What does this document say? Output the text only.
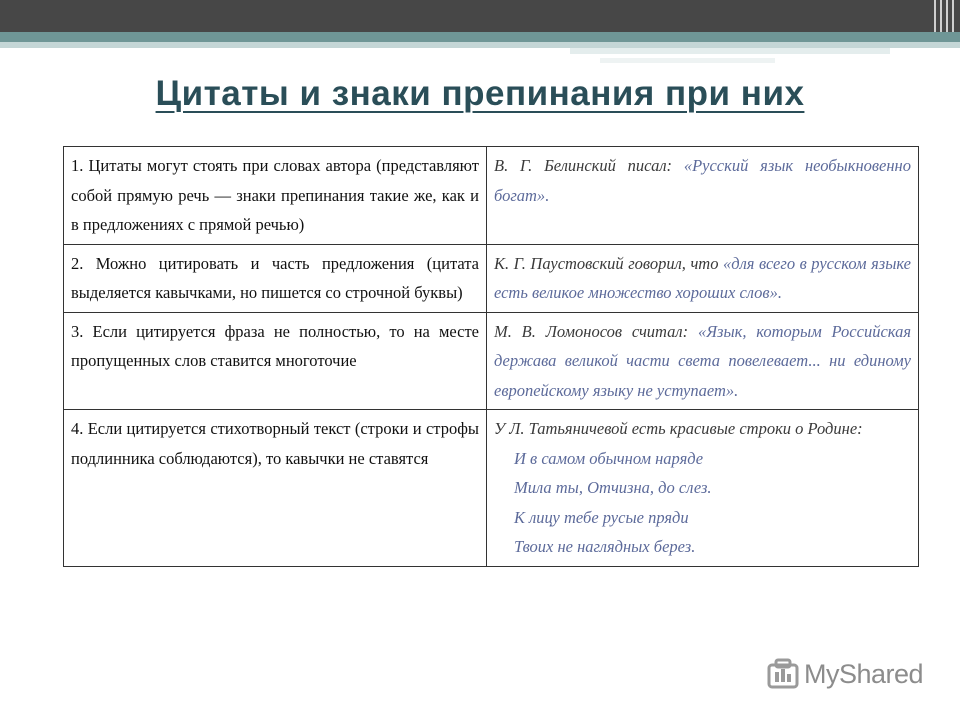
Цитаты и знаки препинания при них
1. Цитаты могут стоять при словах автора (представляют собой прямую речь — знаки препинания такие же, как и в предложениях с прямой речью)	В. Г. Белинский писал: «Русский язык необыкновенно богат».
2. Можно цитировать и часть предложения (цитата выделяется кавычками, но пишется со строчной буквы)	К. Г. Паустовский говорил, что «для всего в русском языке есть великое множество хороших слов».
3. Если цитируется фраза не полностью, то на месте пропущенных слов ставится многоточие	М. В. Ломоносов считал: «Язык, которым Российская держава великой части света повелевает... ни единому европейскому языку не уступает».
4. Если цитируется стихотворный текст (строки и строфы подлинника соблюдаются), то кавычки не ставятся	У Л. Татьяничевой есть красивые строки о Родине:
И в самом обычном наряде
Мила ты, Отчизна, до слез.
К лицу тебе русые пряди
Твоих не наглядных берез.
MyShared
